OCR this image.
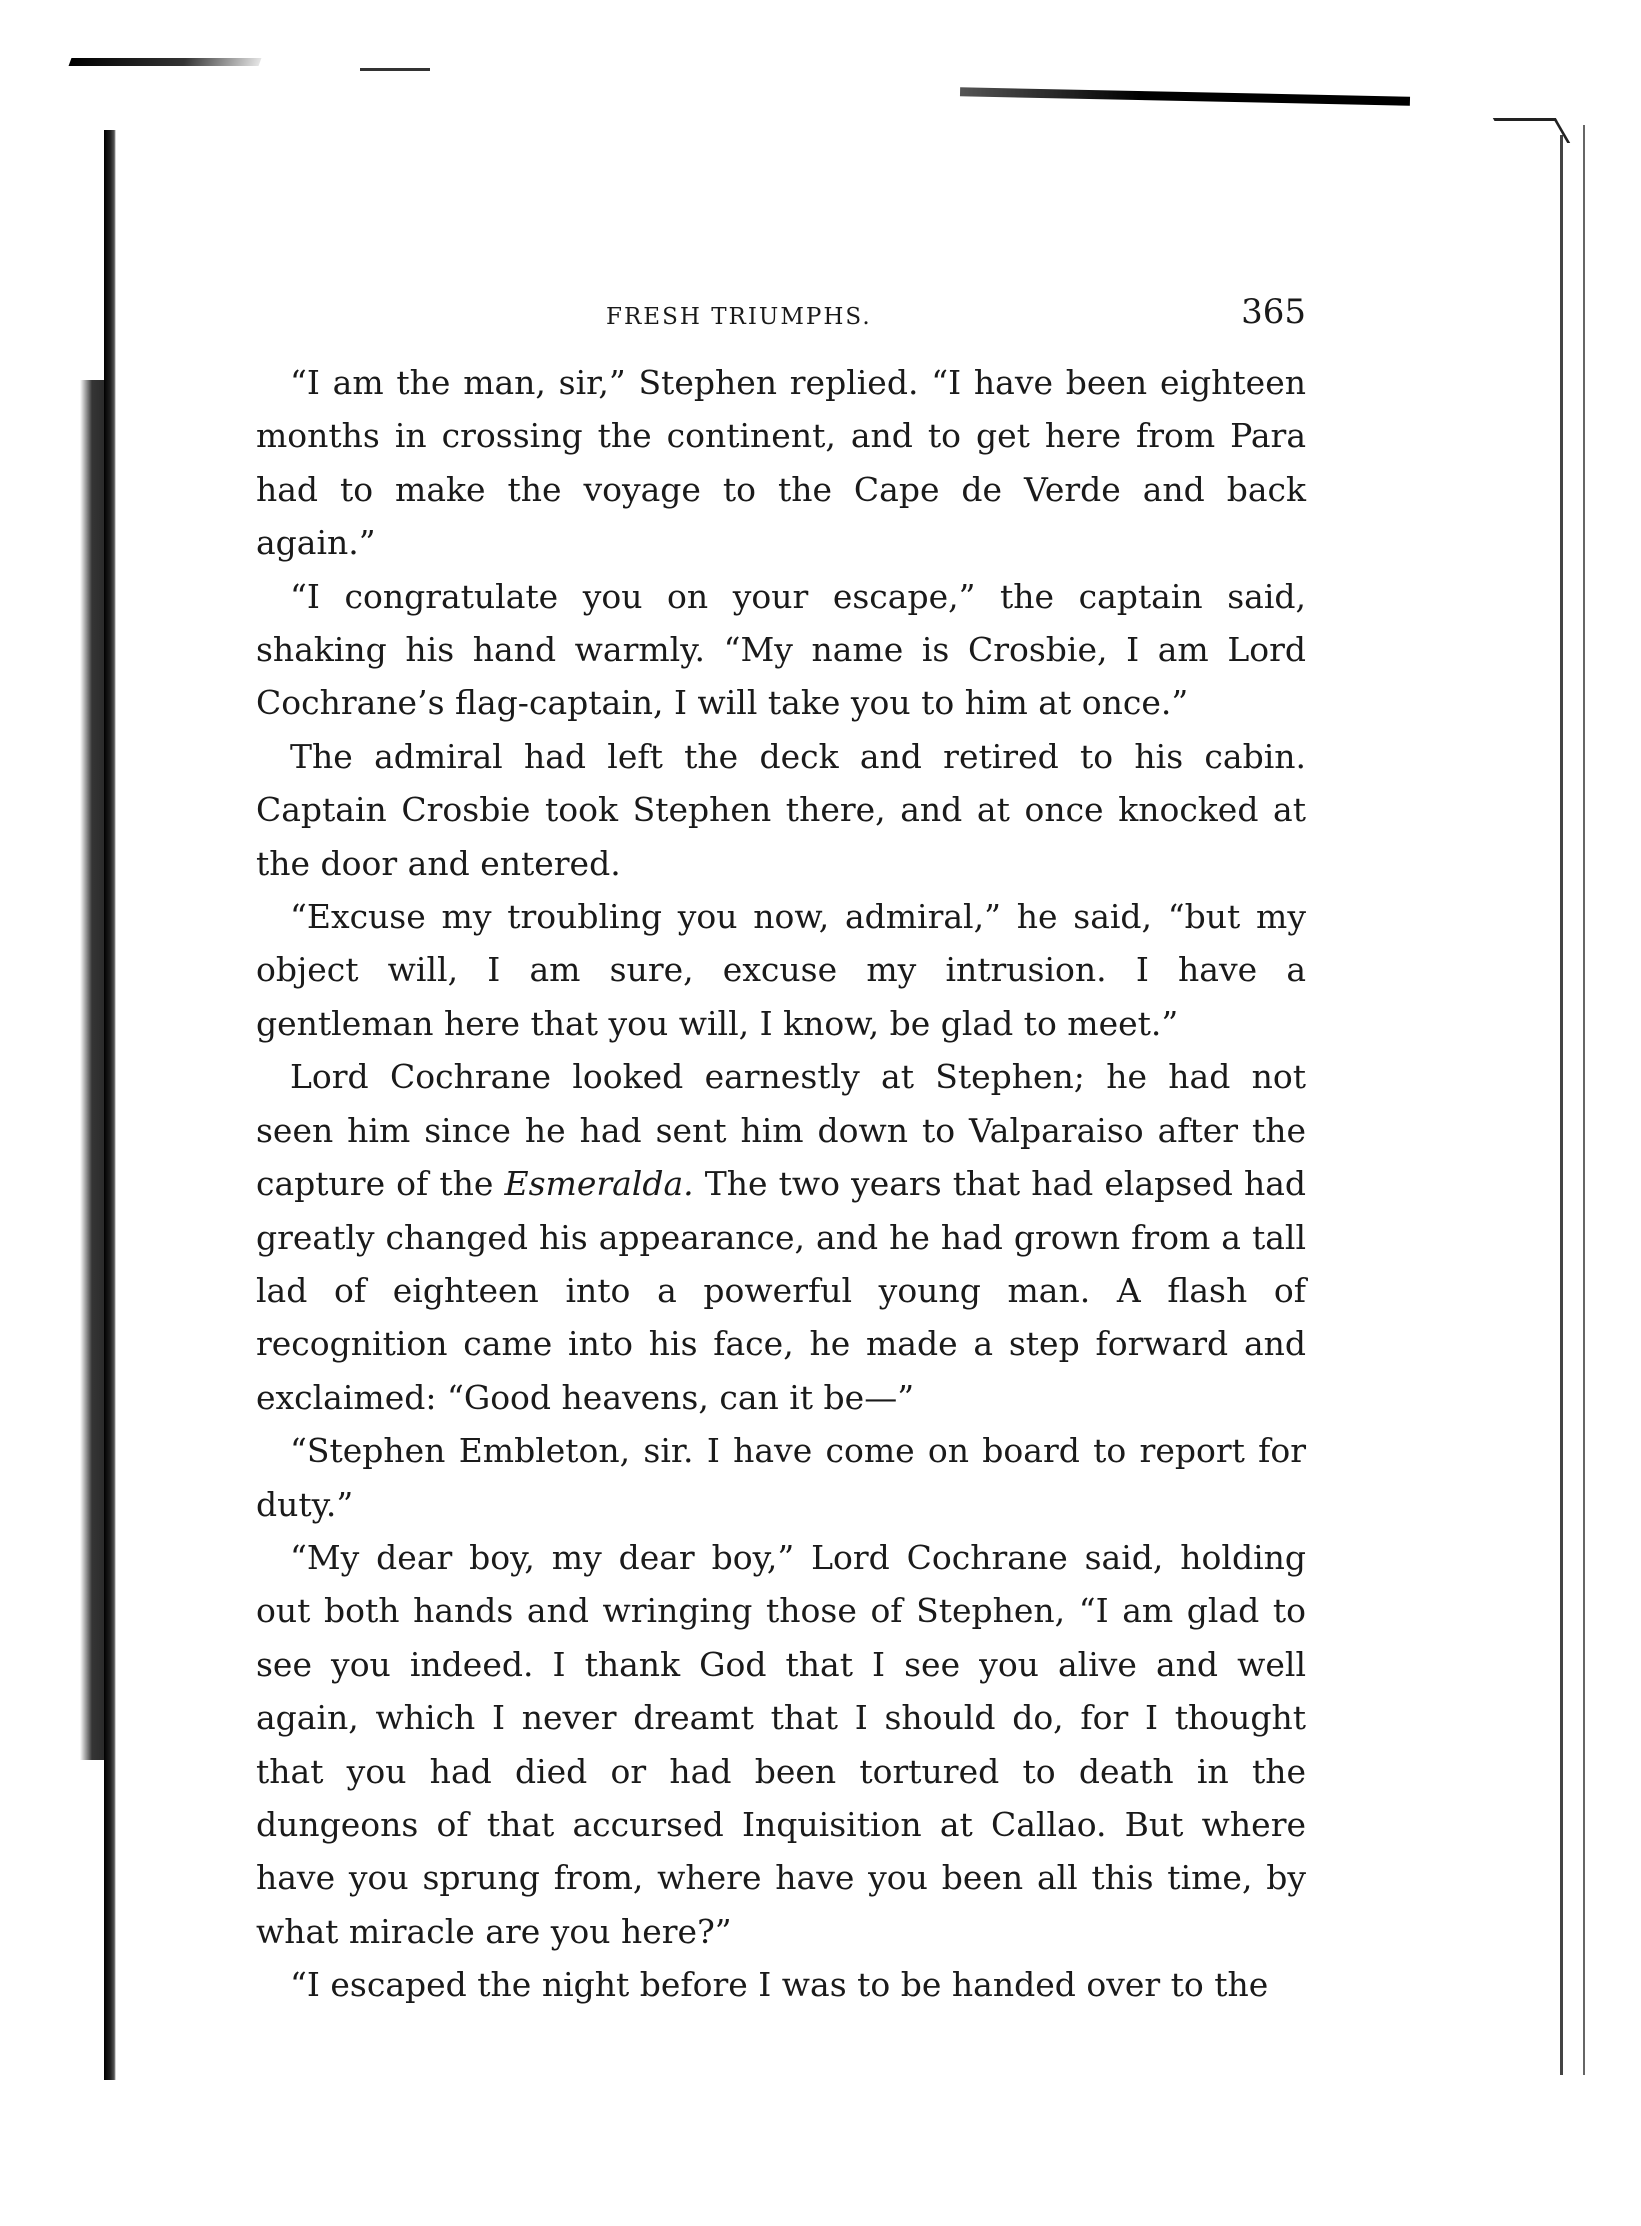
FRESH TRIUMPHS.	365

“I am the man, sir,” Stephen replied. “I have been eighteen months in crossing the continent, and to get here from Para had to make the voyage to the Cape de Verde and back again.”

“I congratulate you on your escape,” the captain said, shaking his hand warmly. “My name is Crosbie, I am Lord Cochrane’s flag-captain, I will take you to him at once.”

The admiral had left the deck and retired to his cabin. Captain Crosbie took Stephen there, and at once knocked at the door and entered.

“Excuse my troubling you now, admiral,” he said, “but my object will, I am sure, excuse my intrusion. I have a gentleman here that you will, I know, be glad to meet.”

Lord Cochrane looked earnestly at Stephen; he had not seen him since he had sent him down to Valparaiso after the capture of the Esmeralda. The two years that had elapsed had greatly changed his appearance, and he had grown from a tall lad of eighteen into a powerful young man. A flash of recognition came into his face, he made a step forward and exclaimed: “Good heavens, can it be—”

“Stephen Embleton, sir. I have come on board to report for duty.”

“My dear boy, my dear boy,” Lord Cochrane said, holding out both hands and wringing those of Stephen, “I am glad to see you indeed. I thank God that I see you alive and well again, which I never dreamt that I should do, for I thought that you had died or had been tortured to death in the dungeons of that accursed Inquisition at Callao. But where have you sprung from, where have you been all this time, by what miracle are you here?”

“I escaped the night before I was to be handed over to the
